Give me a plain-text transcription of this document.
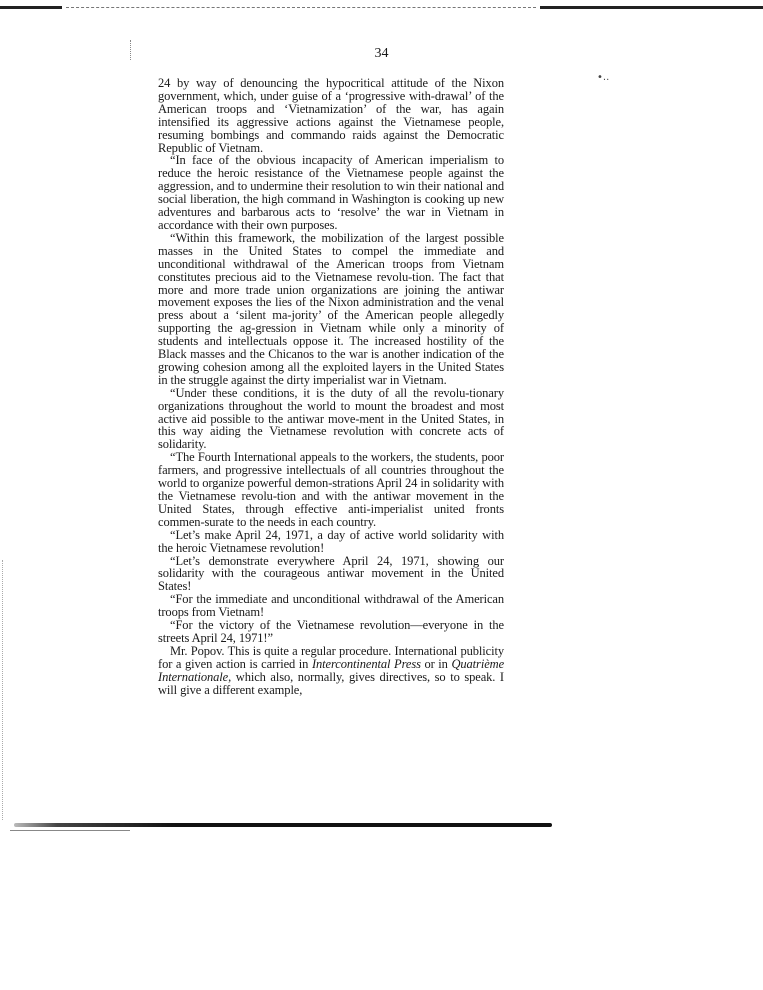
•..
34

24 by way of denouncing the hypocritical attitude of the Nixon government, which, under guise of a ‘progressive with-drawal’ of the American troops and ‘Vietnamization’ of the war, has again intensified its aggressive actions against the Vietnamese people, resuming bombings and commando raids against the Democratic Republic of Vietnam.

“In face of the obvious incapacity of American imperialism to reduce the heroic resistance of the Vietnamese people against the aggression, and to undermine their resolution to win their national and social liberation, the high command in Washington is cooking up new adventures and barbarous acts to ‘resolve’ the war in Vietnam in accordance with their own purposes.

“Within this framework, the mobilization of the largest possible masses in the United States to compel the immediate and unconditional withdrawal of the American troops from Vietnam constitutes precious aid to the Vietnamese revolu-tion. The fact that more and more trade union organizations are joining the antiwar movement exposes the lies of the Nixon administration and the venal press about a ‘silent ma-jority’ of the American people allegedly supporting the ag-gression in Vietnam while only a minority of students and intellectuals oppose it. The increased hostility of the Black masses and the Chicanos to the war is another indication of the growing cohesion among all the exploited layers in the United States in the struggle against the dirty imperialist war in Vietnam.

“Under these conditions, it is the duty of all the revolu-tionary organizations throughout the world to mount the broadest and most active aid possible to the antiwar move-ment in the United States, in this way aiding the Vietnamese revolution with concrete acts of solidarity.

“The Fourth International appeals to the workers, the students, poor farmers, and progressive intellectuals of all countries throughout the world to organize powerful demon-strations April 24 in solidarity with the Vietnamese revolu-tion and with the antiwar movement in the United States, through effective anti-imperialist united fronts commen-surate to the needs in each country.

“Let’s make April 24, 1971, a day of active world solidarity with the heroic Vietnamese revolution!

“Let’s demonstrate everywhere April 24, 1971, showing our solidarity with the courageous antiwar movement in the United States!

“For the immediate and unconditional withdrawal of the American troops from Vietnam!

“For the victory of the Vietnamese revolution—everyone in the streets April 24, 1971!”

Mr. Popov. This is quite a regular procedure. International publicity for a given action is carried in Intercontinental Press or in Quatrième Internationale, which also, normally, gives directives, so to speak. I will give a different example,
